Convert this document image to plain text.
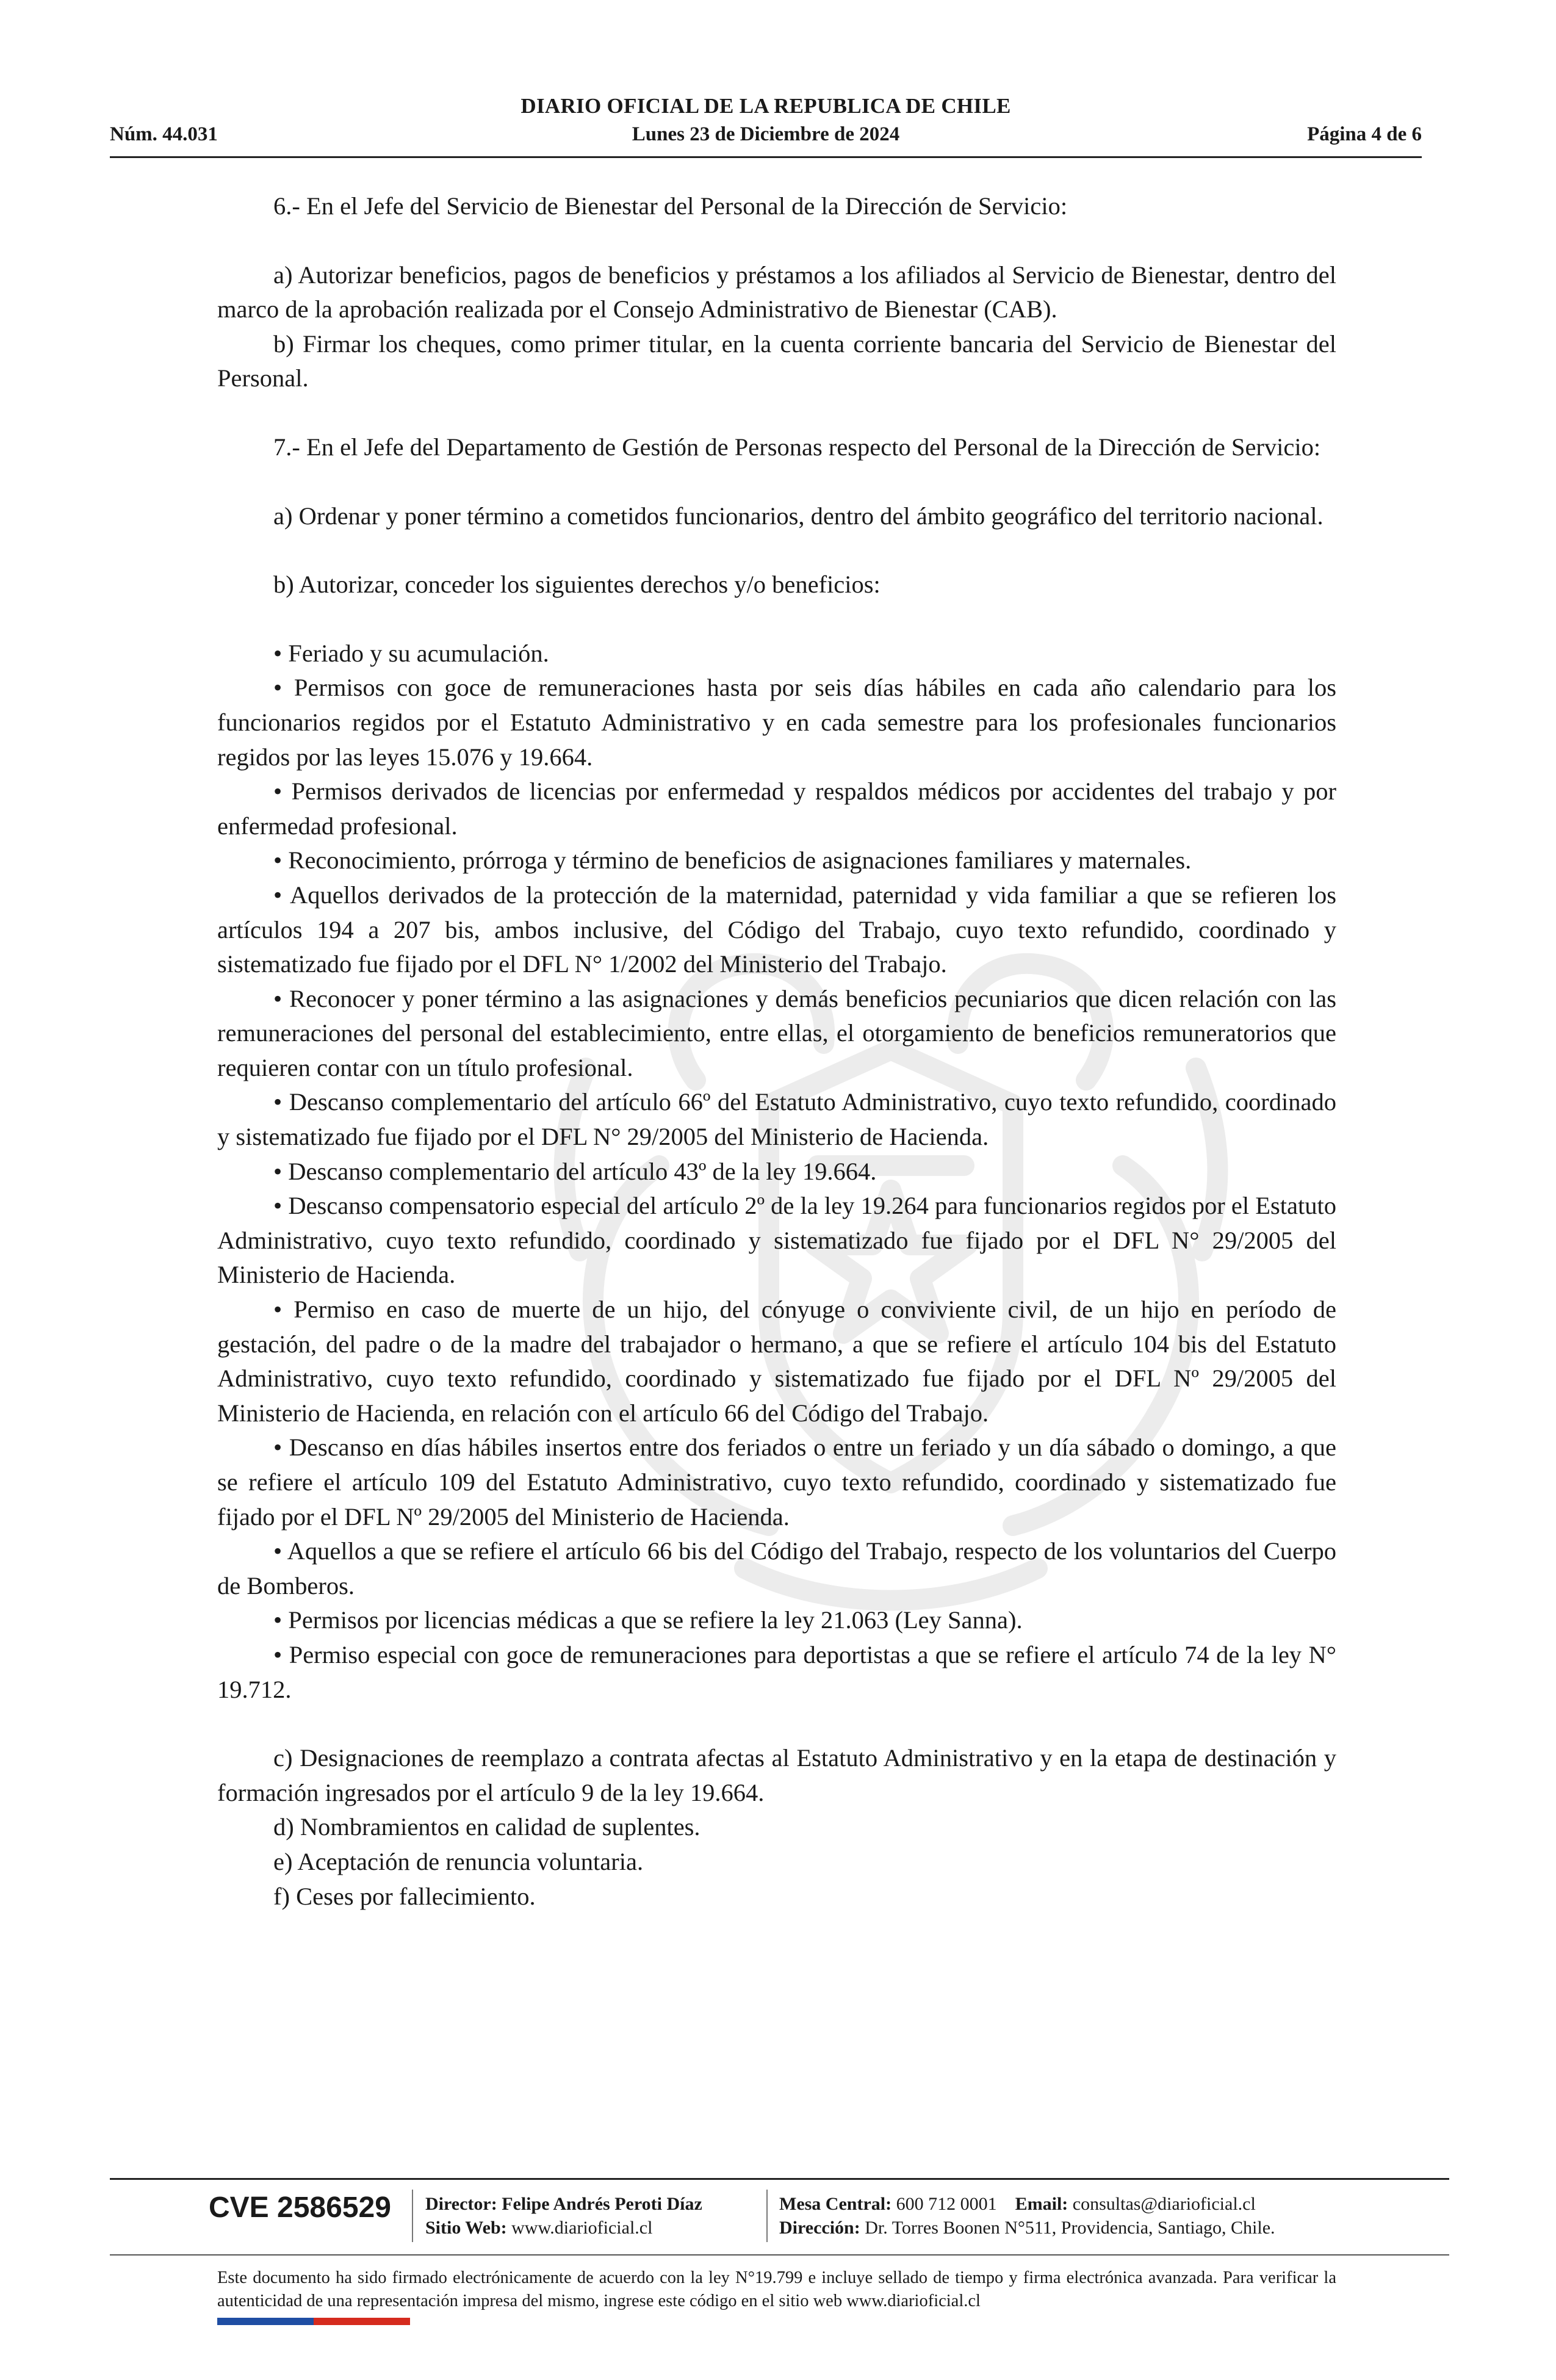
DIARIO OFICIAL DE LA REPUBLICA DE CHILE
Núm. 44.031	Lunes 23 de Diciembre de 2024	Página 4 de 6

6.- En el Jefe del Servicio de Bienestar del Personal de la Dirección de Servicio:

a) Autorizar beneficios, pagos de beneficios y préstamos a los afiliados al Servicio de Bienestar, dentro del marco de la aprobación realizada por el Consejo Administrativo de Bienestar (CAB).

b) Firmar los cheques, como primer titular, en la cuenta corriente bancaria del Servicio de Bienestar del Personal.

7.- En el Jefe del Departamento de Gestión de Personas respecto del Personal de la Dirección de Servicio:

a) Ordenar y poner término a cometidos funcionarios, dentro del ámbito geográfico del territorio nacional.

b) Autorizar, conceder los siguientes derechos y/o beneficios:

• Feriado y su acumulación.

• Permisos con goce de remuneraciones hasta por seis días hábiles en cada año calendario para los funcionarios regidos por el Estatuto Administrativo y en cada semestre para los profesionales funcionarios regidos por las leyes 15.076 y 19.664.

• Permisos derivados de licencias por enfermedad y respaldos médicos por accidentes del trabajo y por enfermedad profesional.

• Reconocimiento, prórroga y término de beneficios de asignaciones familiares y maternales.

• Aquellos derivados de la protección de la maternidad, paternidad y vida familiar a que se refieren los artículos 194 a 207 bis, ambos inclusive, del Código del Trabajo, cuyo texto refundido, coordinado y sistematizado fue fijado por el DFL N° 1/2002 del Ministerio del Trabajo.

• Reconocer y poner término a las asignaciones y demás beneficios pecuniarios que dicen relación con las remuneraciones del personal del establecimiento, entre ellas, el otorgamiento de beneficios remuneratorios que requieren contar con un título profesional.

• Descanso complementario del artículo 66º del Estatuto Administrativo, cuyo texto refundido, coordinado y sistematizado fue fijado por el DFL N° 29/2005 del Ministerio de Hacienda.

• Descanso complementario del artículo 43º de la ley 19.664.

• Descanso compensatorio especial del artículo 2º de la ley 19.264 para funcionarios regidos por el Estatuto Administrativo, cuyo texto refundido, coordinado y sistematizado fue fijado por el DFL N° 29/2005 del Ministerio de Hacienda.

• Permiso en caso de muerte de un hijo, del cónyuge o conviviente civil, de un hijo en período de gestación, del padre o de la madre del trabajador o hermano, a que se refiere el artículo 104 bis del Estatuto Administrativo, cuyo texto refundido, coordinado y sistematizado fue fijado por el DFL Nº 29/2005 del Ministerio de Hacienda, en relación con el artículo 66 del Código del Trabajo.

• Descanso en días hábiles insertos entre dos feriados o entre un feriado y un día sábado o domingo, a que se refiere el artículo 109 del Estatuto Administrativo, cuyo texto refundido, coordinado y sistematizado fue fijado por el DFL Nº 29/2005 del Ministerio de Hacienda.

• Aquellos a que se refiere el artículo 66 bis del Código del Trabajo, respecto de los voluntarios del Cuerpo de Bomberos.

• Permisos por licencias médicas a que se refiere la ley 21.063 (Ley Sanna).

• Permiso especial con goce de remuneraciones para deportistas a que se refiere el artículo 74 de la ley N° 19.712.

c) Designaciones de reemplazo a contrata afectas al Estatuto Administrativo y en la etapa de destinación y formación ingresados por el artículo 9 de la ley 19.664.

d) Nombramientos en calidad de suplentes.

e) Aceptación de renuncia voluntaria.

f) Ceses por fallecimiento.

CVE 2586529 Director: Felipe Andrés Peroti Díaz
Sitio Web: www.diarioficial.cl
Mesa Central: 600 712 0001 Email: consultas@diarioficial.cl
Dirección: Dr. Torres Boonen N°511, Providencia, Santiago, Chile.
Este documento ha sido firmado electrónicamente de acuerdo con la ley N°19.799 e incluye sellado de tiempo y firma electrónica avanzada. Para verificar la autenticidad de una representación impresa del mismo, ingrese este código en el sitio web www.diarioficial.cl
